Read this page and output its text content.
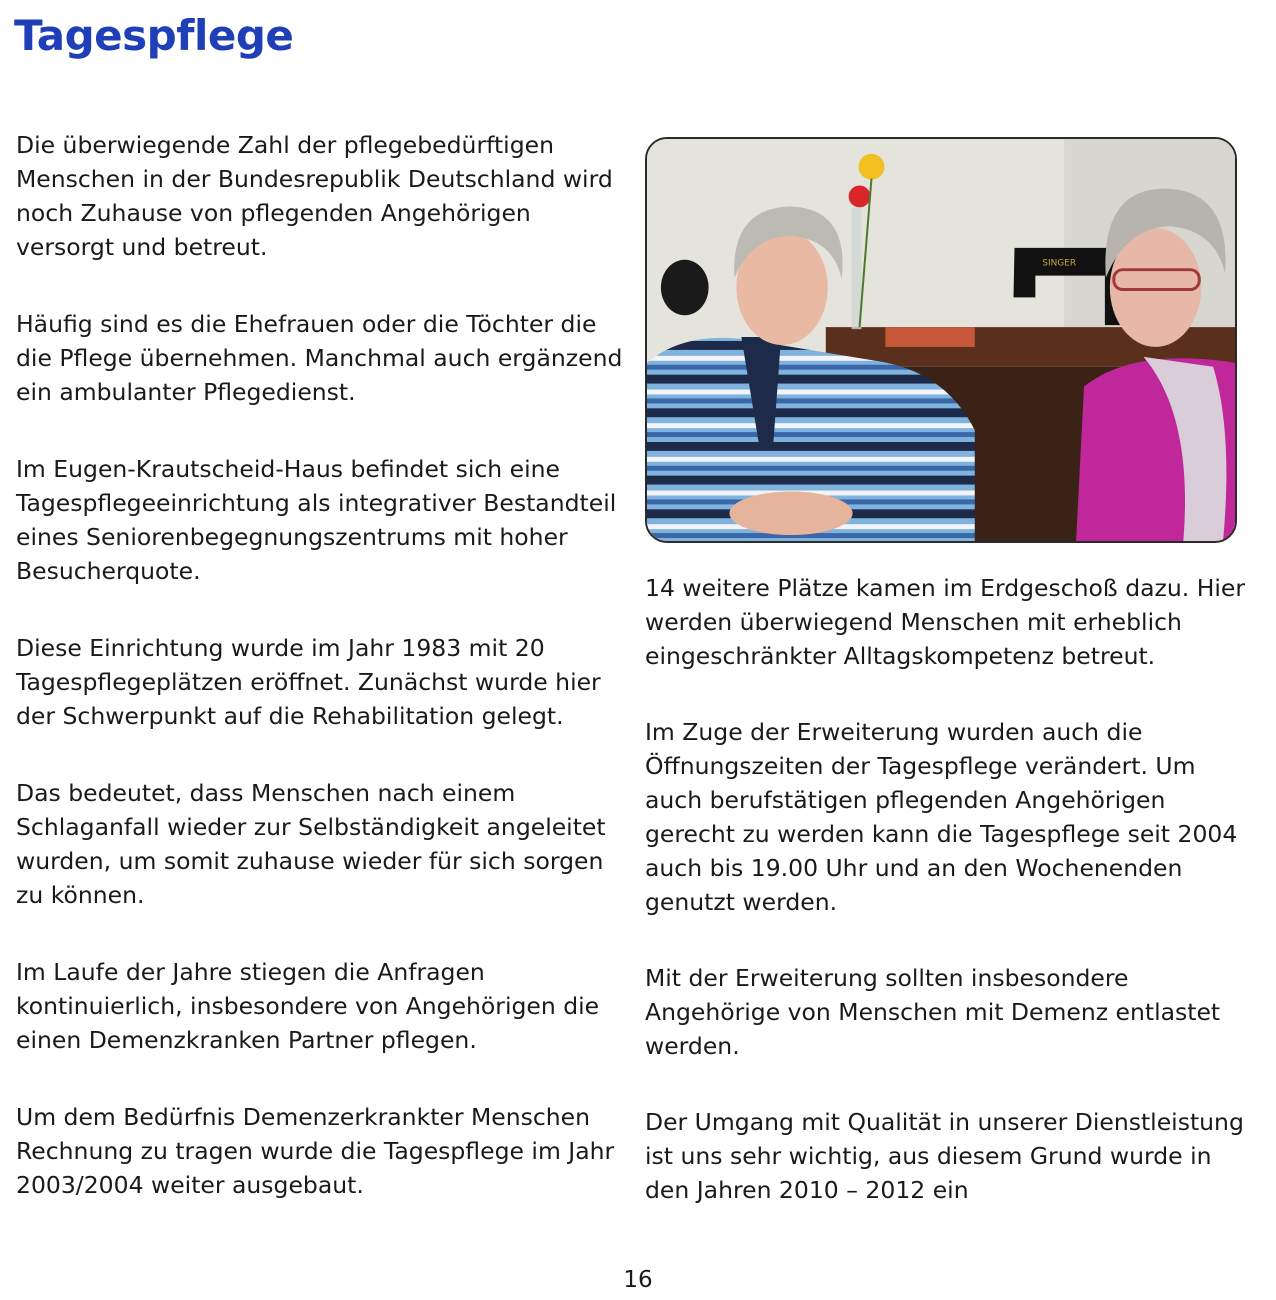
Tagespflege

Die überwiegende Zahl der pflegebedürftigen Menschen in der Bundesrepublik Deutschland wird noch Zuhause von pflegenden Angehörigen versorgt und betreut.

Häufig sind es die Ehefrauen oder die Töchter die die Pflege übernehmen. Manchmal auch ergänzend ein ambulanter Pflegedienst.

Im Eugen-Krautscheid-Haus befindet sich eine Tagespflegeeinrichtung als integrativer Bestandteil eines Seniorenbegegnungszentrums mit hoher Besucherquote.

Diese Einrichtung wurde im Jahr 1983 mit 20 Tagespflegeplätzen eröffnet. Zunächst wurde hier der Schwerpunkt auf die Rehabilitation gelegt.

Das bedeutet, dass Menschen nach einem Schlaganfall wieder zur Selbständigkeit angeleitet wurden, um somit zuhause wieder für sich sorgen zu können.

Im Laufe der Jahre stiegen die Anfragen kontinuierlich, insbesondere von Angehörigen die einen Demenzkranken Partner pflegen.

Um dem Bedürfnis Demenzerkrankter Menschen Rechnung zu tragen wurde die Tagespflege im Jahr 2003/2004 weiter ausgebaut.

SINGER

14 weitere Plätze kamen im Erdgeschoß dazu. Hier werden überwiegend Menschen mit erheblich eingeschränkter Alltagskompetenz betreut.

Im Zuge der Erweiterung wurden auch die Öffnungszeiten der Tagespflege verändert. Um auch berufstätigen pflegenden Angehörigen gerecht zu werden kann die Tagespflege seit 2004 auch bis 19.00 Uhr und an den Wochenenden genutzt werden.

Mit der Erweiterung sollten insbesondere Angehörige von Menschen mit Demenz entlastet werden.

Der Umgang mit Qualität in unserer Dienstleistung ist uns sehr wichtig, aus diesem Grund wurde in den Jahren 2010 – 2012 ein

16
